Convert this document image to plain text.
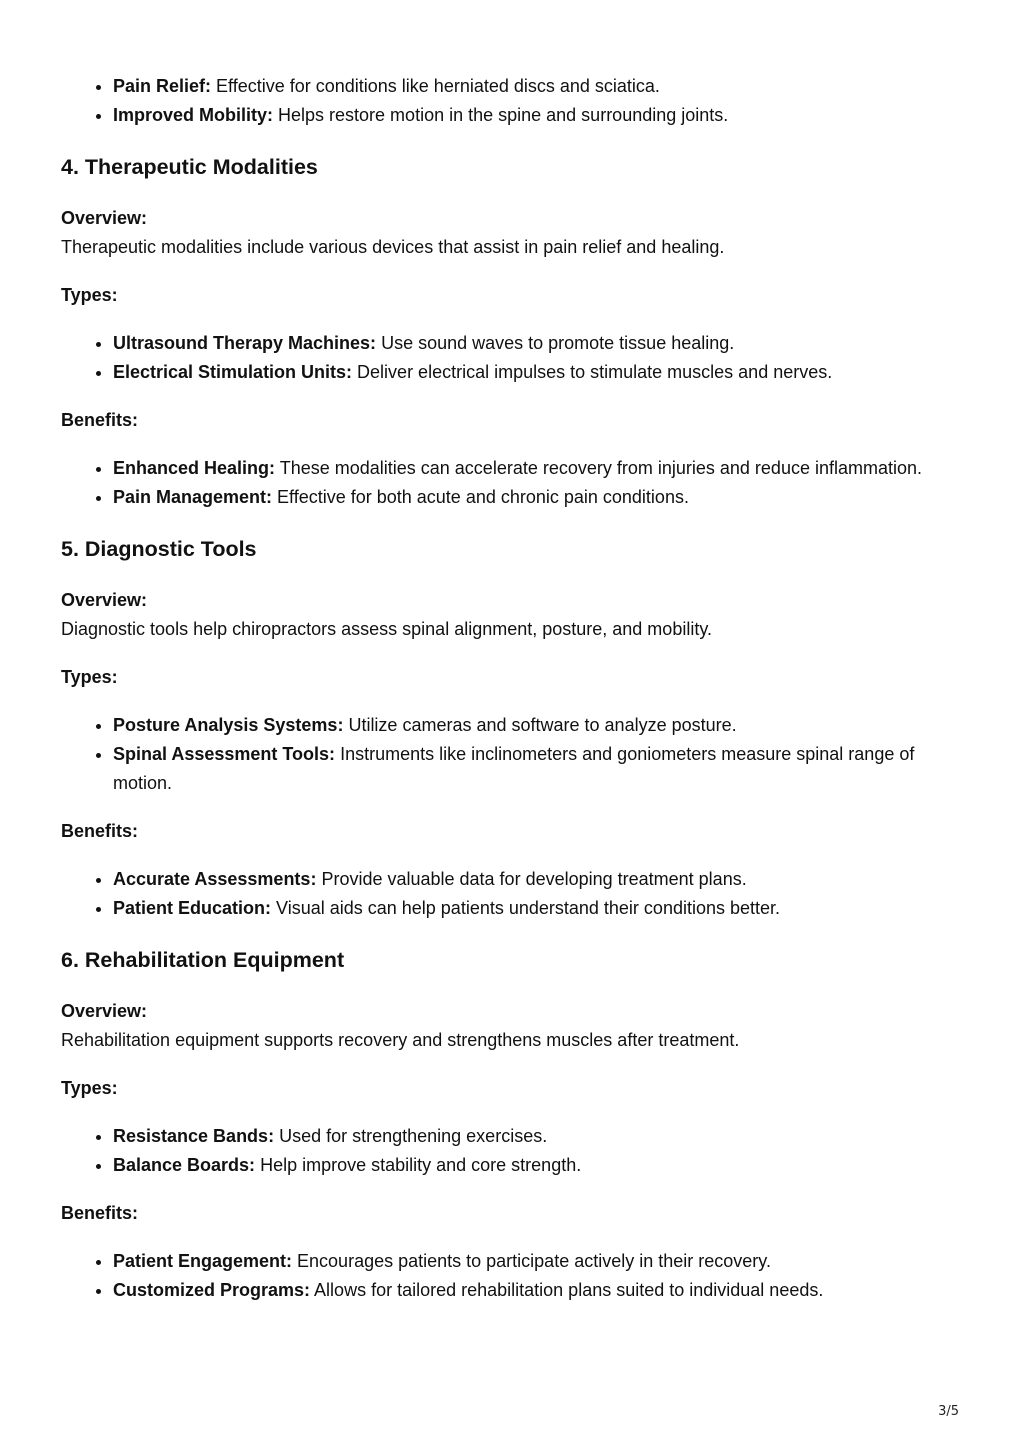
• Pain Relief: Effective for conditions like herniated discs and sciatica.
• Improved Mobility: Helps restore motion in the spine and surrounding joints.
4. Therapeutic Modalities

Overview:

Therapeutic modalities include various devices that assist in pain relief and healing.

Types:

• Ultrasound Therapy Machines: Use sound waves to promote tissue healing.
• Electrical Stimulation Units: Deliver electrical impulses to stimulate muscles and nerves.

Benefits:

• Enhanced Healing: These modalities can accelerate recovery from injuries and reduce inflammation.
• Pain Management: Effective for both acute and chronic pain conditions.
5. Diagnostic Tools

Overview:

Diagnostic tools help chiropractors assess spinal alignment, posture, and mobility.

Types:

• Posture Analysis Systems: Utilize cameras and software to analyze posture.
• Spinal Assessment Tools: Instruments like inclinometers and goniometers measure spinal range of motion.

Benefits:

• Accurate Assessments: Provide valuable data for developing treatment plans.
• Patient Education: Visual aids can help patients understand their conditions better.
6. Rehabilitation Equipment

Overview:

Rehabilitation equipment supports recovery and strengthens muscles after treatment.

Types:

• Resistance Bands: Used for strengthening exercises.
• Balance Boards: Help improve stability and core strength.

Benefits:

• Patient Engagement: Encourages patients to participate actively in their recovery.
• Customized Programs: Allows for tailored rehabilitation plans suited to individual needs.
3/5
